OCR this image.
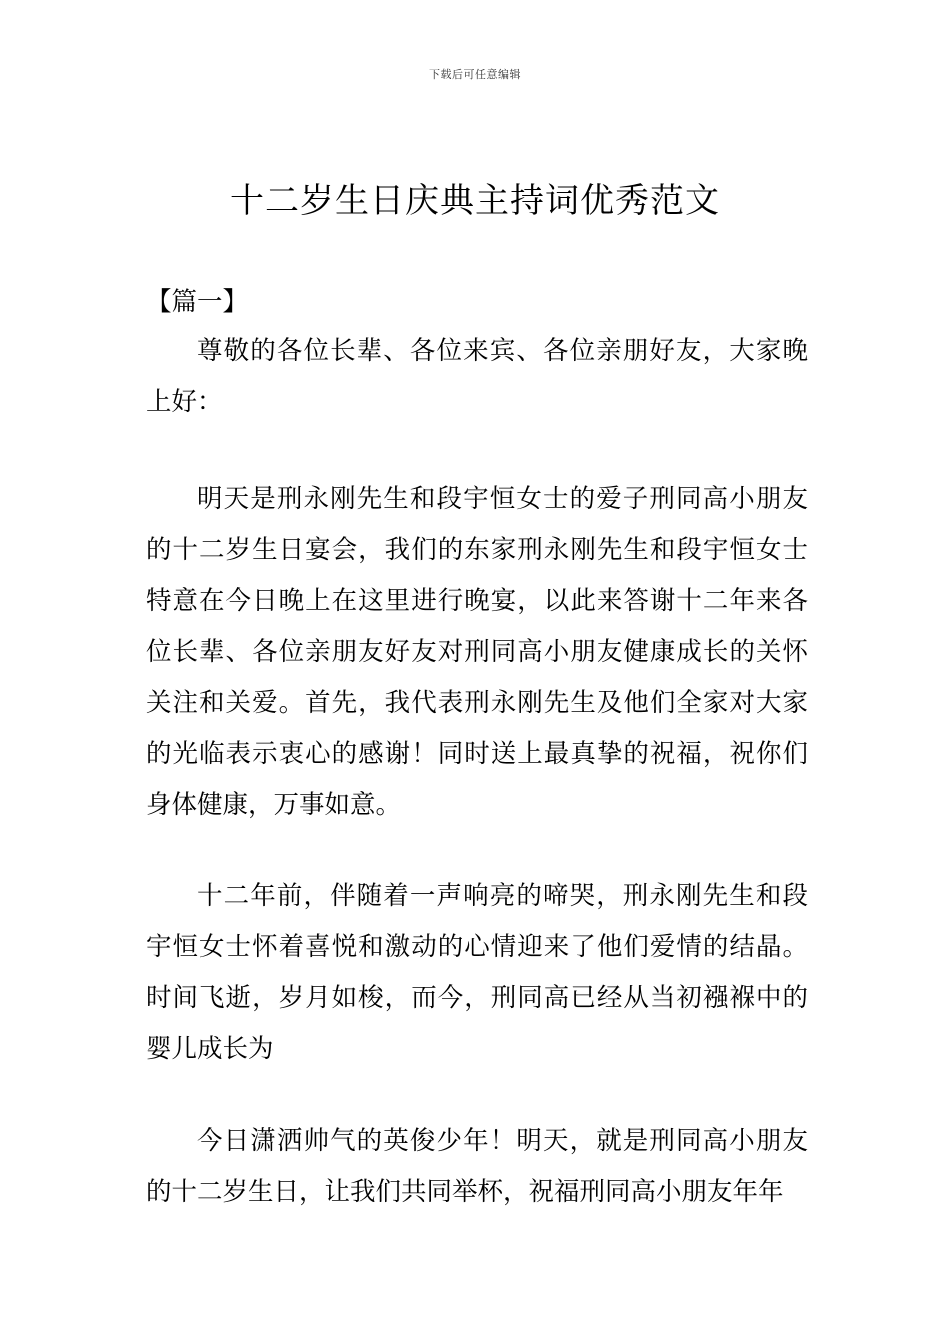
下载后可任意编辑
十二岁生日庆典主持词优秀范文

【篇一】

尊敬的各位长辈、各位来宾、各位亲朋好友，大家晚上好：

明天是刑永刚先生和段宇恒女士的爱子刑同高小朋友的十二岁生日宴会，我们的东家刑永刚先生和段宇恒女士特意在今日晚上在这里进行晚宴，以此来答谢十二年来各位长辈、各位亲朋友好友对刑同高小朋友健康成长的关怀关注和关爱。首先，我代表刑永刚先生及他们全家对大家的光临表示衷心的感谢！同时送上最真挚的祝福，祝你们身体健康，万事如意。

十二年前，伴随着一声响亮的啼哭，刑永刚先生和段宇恒女士怀着喜悦和激动的心情迎来了他们爱情的结晶。时间飞逝，岁月如梭，而今，刑同高已经从当初襁褓中的婴儿成长为

今日潇洒帅气的英俊少年！明天，就是刑同高小朋友的十二岁生日，让我们共同举杯，祝福刑同高小朋友年年
